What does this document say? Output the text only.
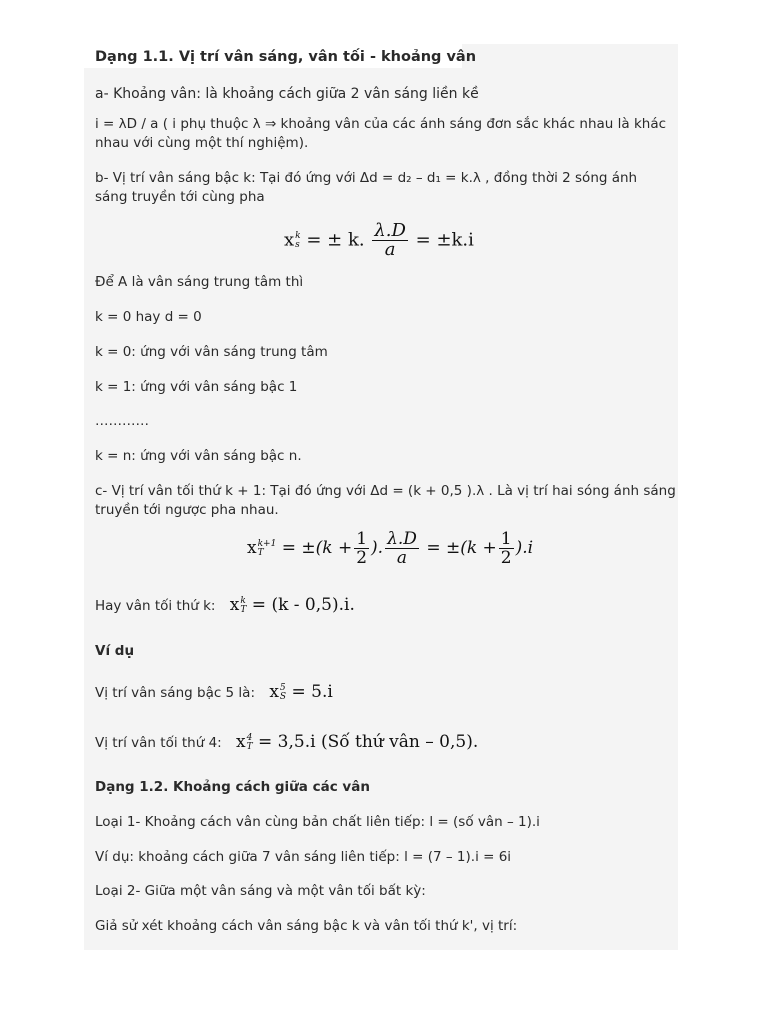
Dạng 1.1. Vị trí vân sáng, vân tối - khoảng vân
a- Khoảng vân: là khoảng cách giữa 2 vân sáng liền kề
i = λD / a ( i phụ thuộc λ ⇒ khoảng vân của các ánh sáng đơn sắc khác nhau là khác
nhau với cùng một thí nghiệm).
b- Vị trí vân sáng bậc k: Tại đó ứng với Δd = d₂ – d₁ = k.λ , đồng thời 2 sóng ánh
sáng truyền tới cùng pha
x k
s = ± k. $\frac{\lambda.D}{a} = \pm k.i$
Để A là vân sáng trung tâm thì
k = 0 hay d = 0
k = 0: ứng với vân sáng trung tâm
k = 1: ứng với vân sáng bậc 1
…………
k = n: ứng với vân sáng bậc n.
c- Vị trí vân tối thứ k + 1: Tại đó ứng với Δd = (k + 0,5 ).λ . Là vị trí hai sóng ánh sáng
truyền tới ngược pha nhau.
x k+1
T	= $\pm(k + \frac{1}{2}$ ). $\frac{\lambda.D}{a} = \pm(k + \frac{1}{2} ).i$
Hay vân tối thứ k: x k
T = (k - 0,5).i.
Ví dụ
Vị trí vân sáng bậc 5 là: x 5
S = 5.i
Vị trí vân tối thứ 4: x 4
T = 3,5.i (Số thứ vân – 0,5).
Dạng 1.2. Khoảng cách giữa các vân
Loại 1- Khoảng cách vân cùng bản chất liên tiếp: l = (số vân – 1).i
Ví dụ: khoảng cách giữa 7 vân sáng liên tiếp: l = (7 – 1).i = 6i
Loại 2- Giữa một vân sáng và một vân tối bất kỳ:
Giả sử xét khoảng cách vân sáng bậc k và vân tối thứ k', vị trí:
